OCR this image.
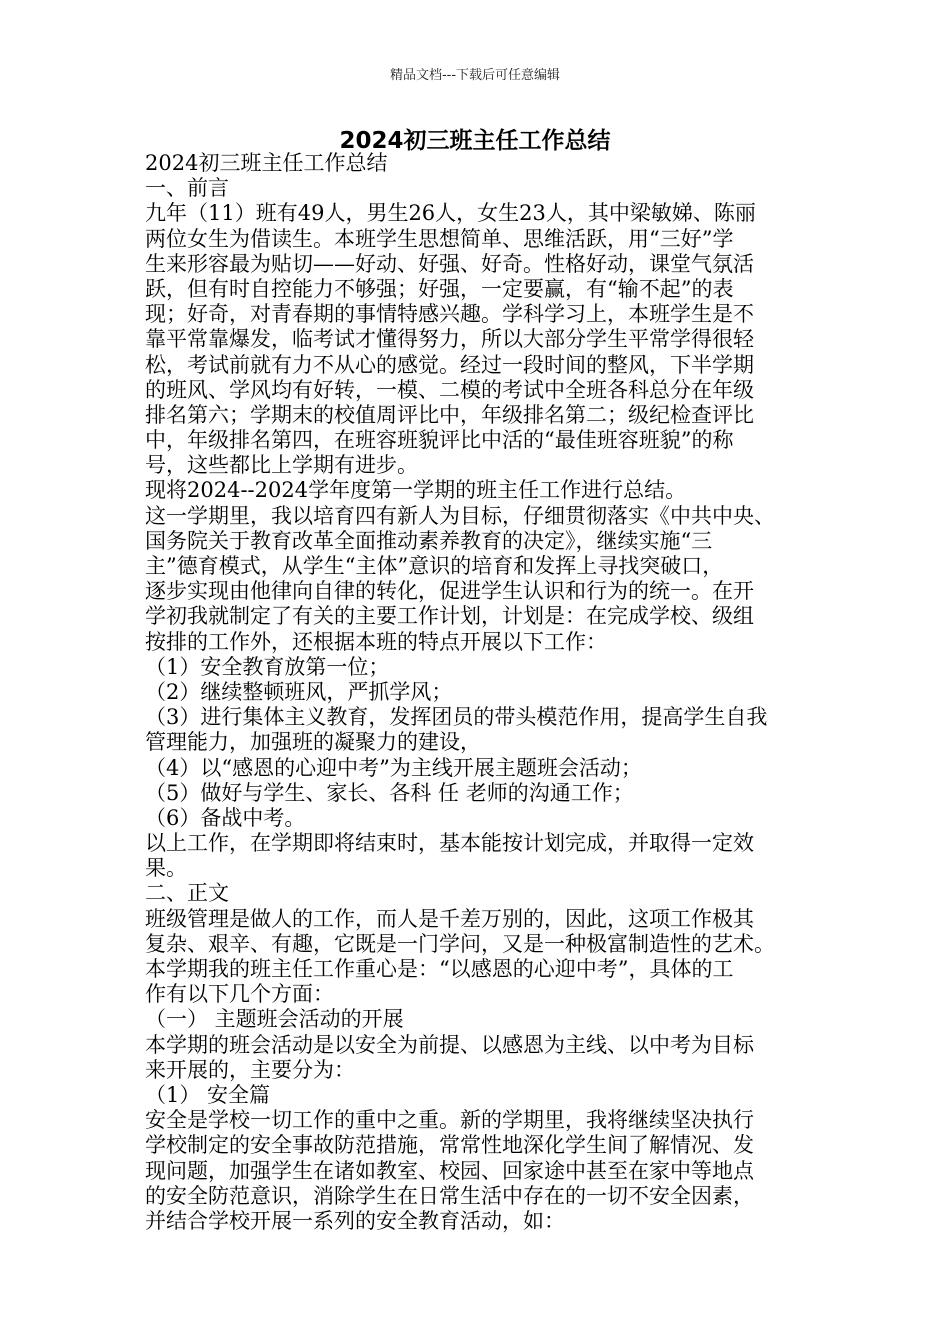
精品文档---下载后可任意编辑
2024初三班主任工作总结
2024初三班主任工作总结
一、前言
九年（11）班有49人，男生26人，女生23人，其中梁敏娣、陈丽
两位女生为借读生。本班学生思想简单、思维活跃，用“三好”学
生来形容最为贴切——好动、好强、好奇。性格好动，课堂气氛活
跃，但有时自控能力不够强；好强，一定要赢，有“输不起”的表
现；好奇，对青春期的事情特感兴趣。学科学习上，本班学生是不
靠平常靠爆发，临考试才懂得努力，所以大部分学生平常学得很轻
松，考试前就有力不从心的感觉。经过一段时间的整风，下半学期
的班风、学风均有好转，一模、二模的考试中全班各科总分在年级
排名第六；学期末的校值周评比中，年级排名第二；级纪检查评比
中，年级排名第四，在班容班貌评比中活的“最佳班容班貌”的称
号，这些都比上学期有进步。
现将2024--2024学年度第一学期的班主任工作进行总结。
这一学期里，我以培育四有新人为目标，仔细贯彻落实《中共中央、
国务院关于教育改革全面推动素养教育的决定》，继续实施“三
主”德育模式，从学生“主体”意识的培育和发挥上寻找突破口，
逐步实现由他律向自律的转化，促进学生认识和行为的统一。在开
学初我就制定了有关的主要工作计划，计划是：在完成学校、级组
按排的工作外，还根据本班的特点开展以下工作：
（1）安全教育放第一位；
（2）继续整顿班风，严抓学风；
（3）进行集体主义教育，发挥团员的带头模范作用，提高学生自我
管理能力，加强班的凝聚力的建设，
（4）以“感恩的心迎中考”为主线开展主题班会活动；
（5）做好与学生、家长、各科 任 老师的沟通工作；
（6）备战中考。
以上工作，在学期即将结束时，基本能按计划完成，并取得一定效
果。
二、正文
班级管理是做人的工作，而人是千差万别的，因此，这项工作极其
复杂、艰辛、有趣，它既是一门学问，又是一种极富制造性的艺术。
本学期我的班主任工作重心是：“以感恩的心迎中考”，具体的工
作有以下几个方面：
（一） 主题班会活动的开展
本学期的班会活动是以安全为前提、以感恩为主线、以中考为目标
来开展的，主要分为：
（1） 安全篇
安全是学校一切工作的重中之重。新的学期里，我将继续坚决执行
学校制定的安全事故防范措施，常常性地深化学生间了解情况、发
现问题，加强学生在诸如教室、校园、回家途中甚至在家中等地点
的安全防范意识，消除学生在日常生活中存在的一切不安全因素，
并结合学校开展一系列的安全教育活动，如：
